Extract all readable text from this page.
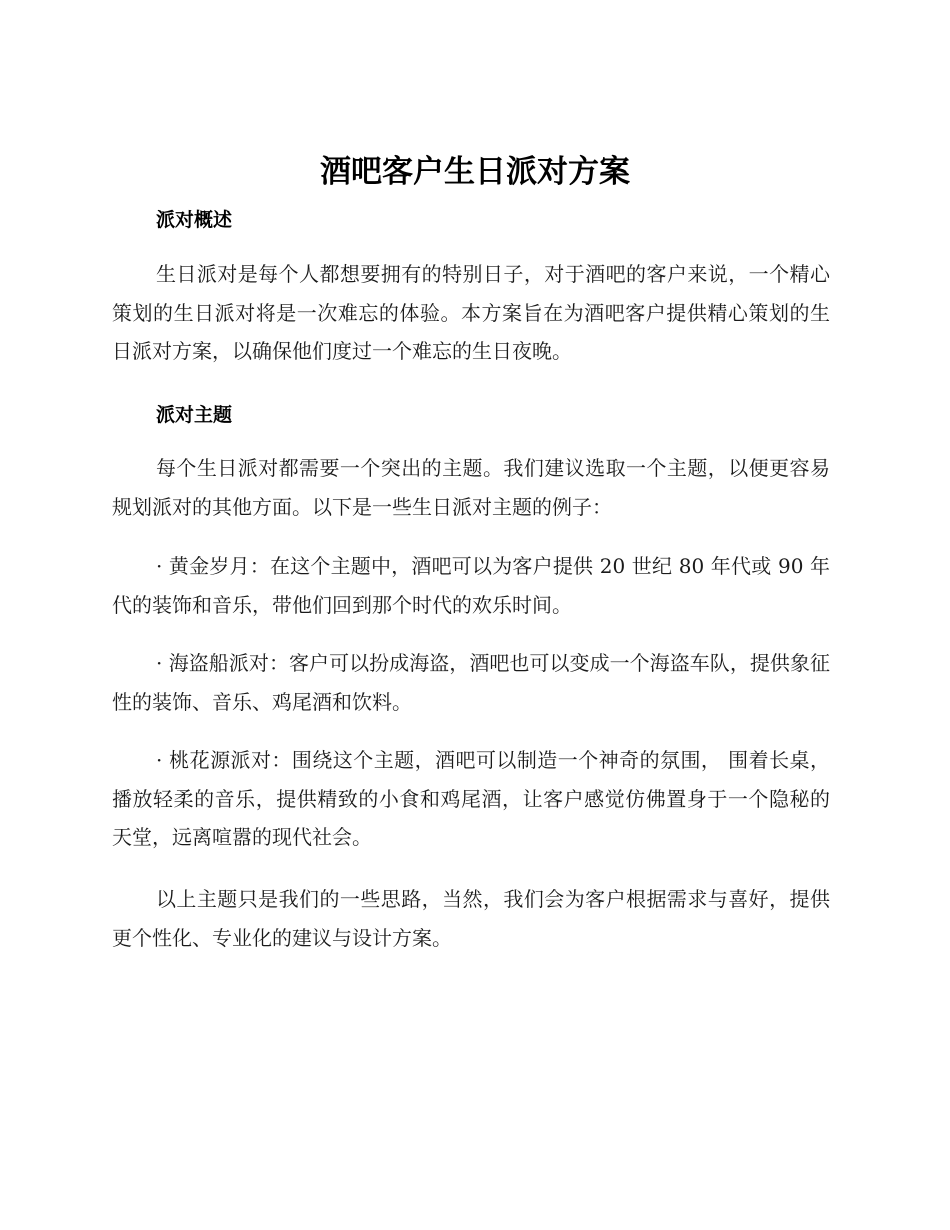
酒吧客户生日派对方案
派对概述

生日派对是每个人都想要拥有的特别日子，对于酒吧的客户来说，一个精心策划的生日派对将是一次难忘的体验。本方案旨在为酒吧客户提供精心策划的生日派对方案，以确保他们度过一个难忘的生日夜晚。

派对主题

每个生日派对都需要一个突出的主题。我们建议选取一个主题，以便更容易规划派对的其他方面。以下是一些生日派对主题的例子：

· 黄金岁月：在这个主题中，酒吧可以为客户提供 20 世纪 80 年代或 90 年代的装饰和音乐，带他们回到那个时代的欢乐时间。

· 海盗船派对：客户可以扮成海盗，酒吧也可以变成一个海盗车队，提供象征性的装饰、音乐、鸡尾酒和饮料。

· 桃花源派对：围绕这个主题，酒吧可以制造一个神奇的氛围， 围着长桌，播放轻柔的音乐，提供精致的小食和鸡尾酒，让客户感觉仿佛置身于一个隐秘的天堂，远离喧嚣的现代社会。

以上主题只是我们的一些思路，当然，我们会为客户根据需求与喜好，提供更个性化、专业化的建议与设计方案。
